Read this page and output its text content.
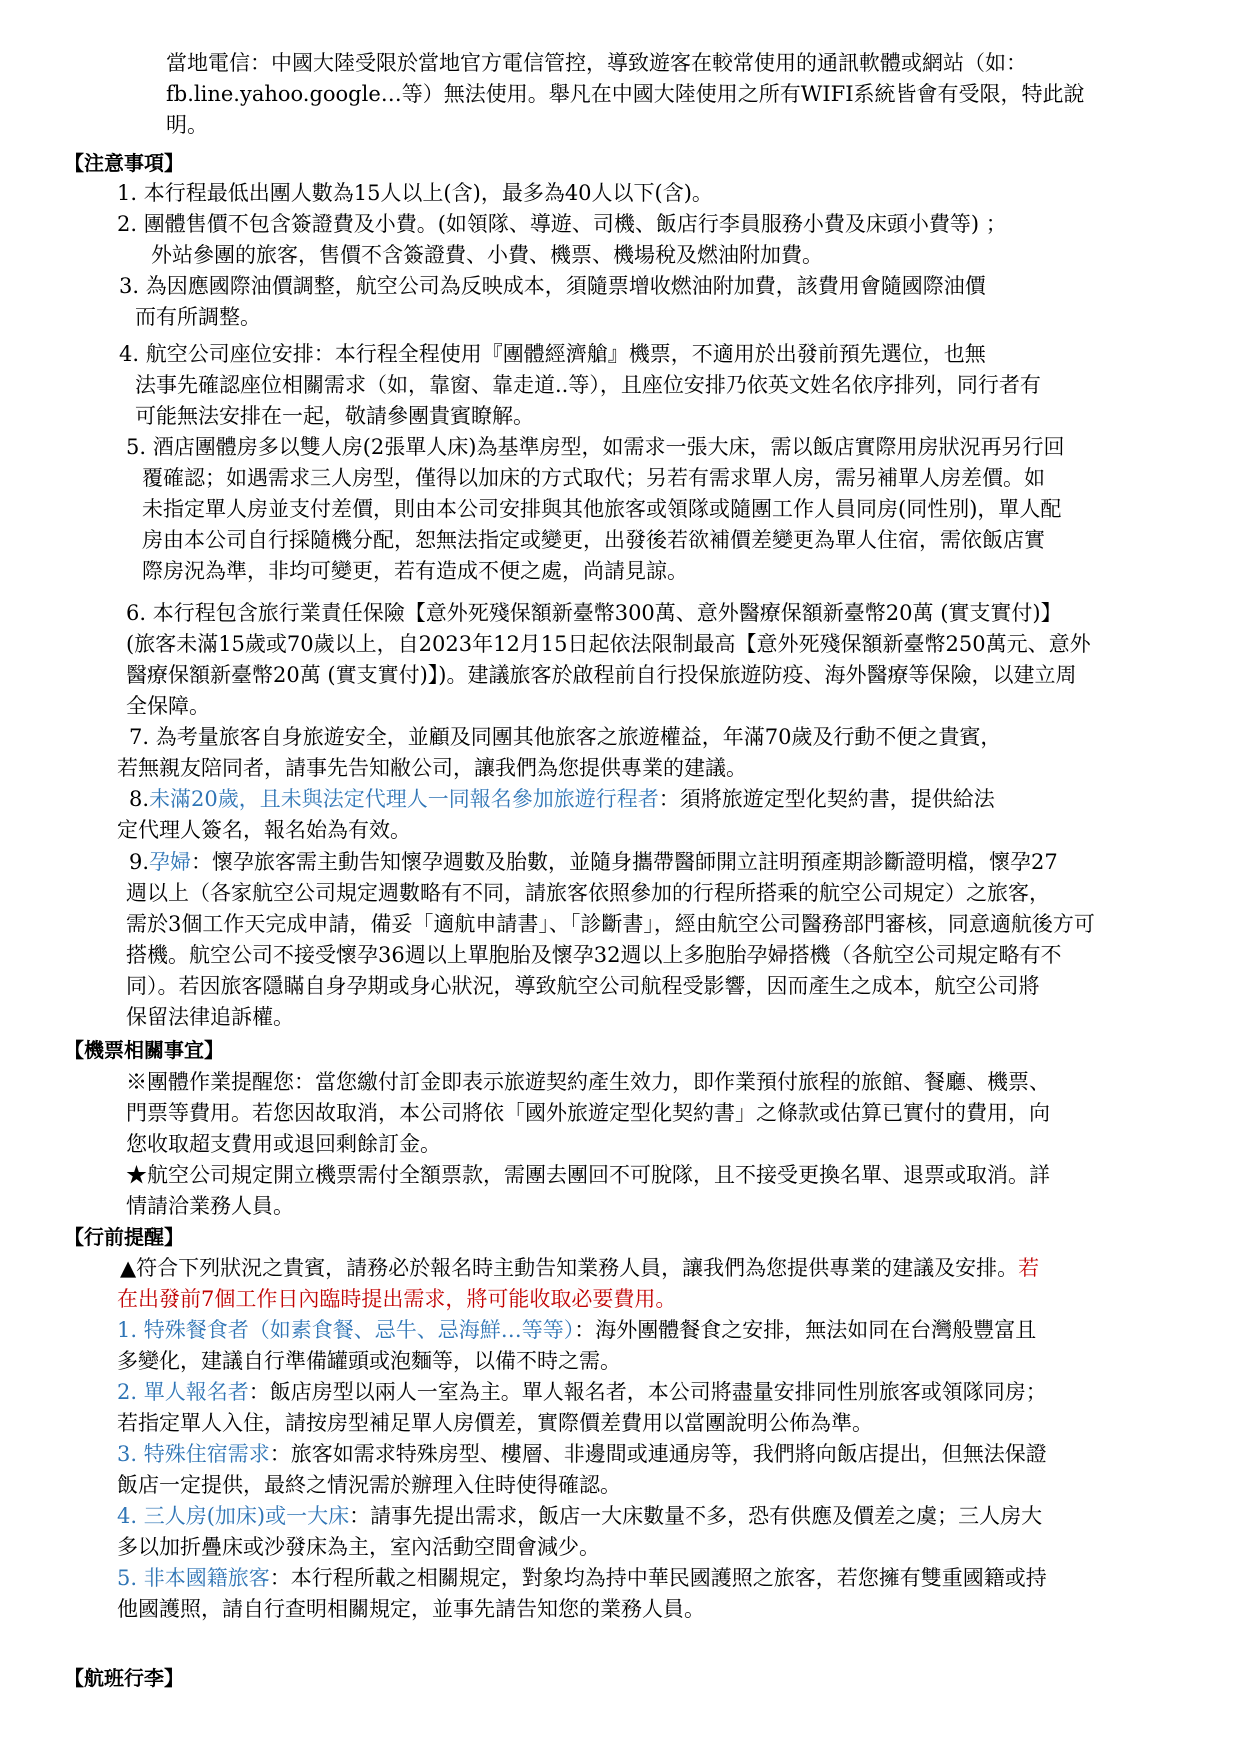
當地電信：中國大陸受限於當地官方電信管控，導致遊客在較常使用的通訊軟體或網站（如：

fb.line.yahoo.google…等）無法使用。舉凡在中國大陸使用之所有WIFI系統皆會有受限，特此說

明。

【注意事項】

1. 本行程最低出團人數為15人以上(含)，最多為40人以下(含)。

2. 團體售價不包含簽證費及小費。(如領隊、導遊、司機、飯店行李員服務小費及床頭小費等) ；

外站參團的旅客，售價不含簽證費、小費、機票、機場稅及燃油附加費。

3. 為因應國際油價調整，航空公司為反映成本，須隨票增收燃油附加費，該費用會隨國際油價

而有所調整。

4. 航空公司座位安排：本行程全程使用『團體經濟艙』機票，不適用於出發前預先選位，也無

法事先確認座位相關需求（如，靠窗、靠走道..等），且座位安排乃依英文姓名依序排列，同行者有

可能無法安排在一起，敬請參團貴賓瞭解。

5. 酒店團體房多以雙人房(2張單人床)為基準房型，如需求一張大床，需以飯店實際用房狀況再另行回

覆確認；如遇需求三人房型，僅得以加床的方式取代；另若有需求單人房，需另補單人房差價。如

未指定單人房並支付差價，則由本公司安排與其他旅客或領隊或隨團工作人員同房(同性別)，單人配

房由本公司自行採隨機分配，恕無法指定或變更，出發後若欲補價差變更為單人住宿，需依飯店實

際房況為準，非均可變更，若有造成不便之處，尚請見諒。

6. 本行程包含旅行業責任保險【意外死殘保額新臺幣300萬、意外醫療保額新臺幣20萬 (實支實付)】

(旅客未滿15歲或70歲以上，自2023年12月15日起依法限制最高【意外死殘保額新臺幣250萬元、意外

醫療保額新臺幣20萬 (實支實付)】)。建議旅客於啟程前自行投保旅遊防疫、海外醫療等保險，以建立周

全保障。

7. 為考量旅客自身旅遊安全，並顧及同團其他旅客之旅遊權益，年滿70歲及行動不便之貴賓，

若無親友陪同者，請事先告知敝公司，讓我們為您提供專業的建議。

8.未滿20歲，且未與法定代理人一同報名參加旅遊行程者：須將旅遊定型化契約書，提供給法

定代理人簽名，報名始為有效。

9.孕婦：懷孕旅客需主動告知懷孕週數及胎數，並隨身攜帶醫師開立註明預產期診斷證明檔，懷孕27

週以上（各家航空公司規定週數略有不同，請旅客依照參加的行程所搭乘的航空公司規定）之旅客，

需於3個工作天完成申請，備妥「適航申請書」、「診斷書」，經由航空公司醫務部門審核，同意適航後方可

搭機。航空公司不接受懷孕36週以上單胞胎及懷孕32週以上多胞胎孕婦搭機（各航空公司規定略有不

同）。若因旅客隱瞞自身孕期或身心狀況，導致航空公司航程受影響，因而產生之成本，航空公司將

保留法律追訴權。

【機票相關事宜】

※團體作業提醒您：當您繳付訂金即表示旅遊契約產生效力，即作業預付旅程的旅館、餐廳、機票、

門票等費用。若您因故取消，本公司將依「國外旅遊定型化契約書」之條款或估算已實付的費用，向

您收取超支費用或退回剩餘訂金。

★航空公司規定開立機票需付全額票款，需團去團回不可脫隊，且不接受更換名單、退票或取消。詳

情請洽業務人員。

【行前提醒】

▲符合下列狀況之貴賓，請務必於報名時主動告知業務人員，讓我們為您提供專業的建議及安排。若

在出發前7個工作日內臨時提出需求，將可能收取必要費用。

1. 特殊餐食者（如素食餐、忌牛、忌海鮮…等等）：海外團體餐食之安排，無法如同在台灣般豐富且

多變化，建議自行準備罐頭或泡麵等，以備不時之需。

2. 單人報名者：飯店房型以兩人一室為主。單人報名者，本公司將盡量安排同性別旅客或領隊同房；

若指定單人入住，請按房型補足單人房價差，實際價差費用以當團說明公佈為準。

3. 特殊住宿需求：旅客如需求特殊房型、樓層、非邊間或連通房等，我們將向飯店提出，但無法保證

飯店一定提供，最終之情況需於辦理入住時使得確認。

4. 三人房(加床)或一大床：請事先提出需求，飯店一大床數量不多，恐有供應及價差之虞；三人房大

多以加折疊床或沙發床為主，室內活動空間會減少。

5. 非本國籍旅客：本行程所載之相關規定，對象均為持中華民國護照之旅客，若您擁有雙重國籍或持

他國護照，請自行查明相關規定，並事先請告知您的業務人員。

【航班行李】
